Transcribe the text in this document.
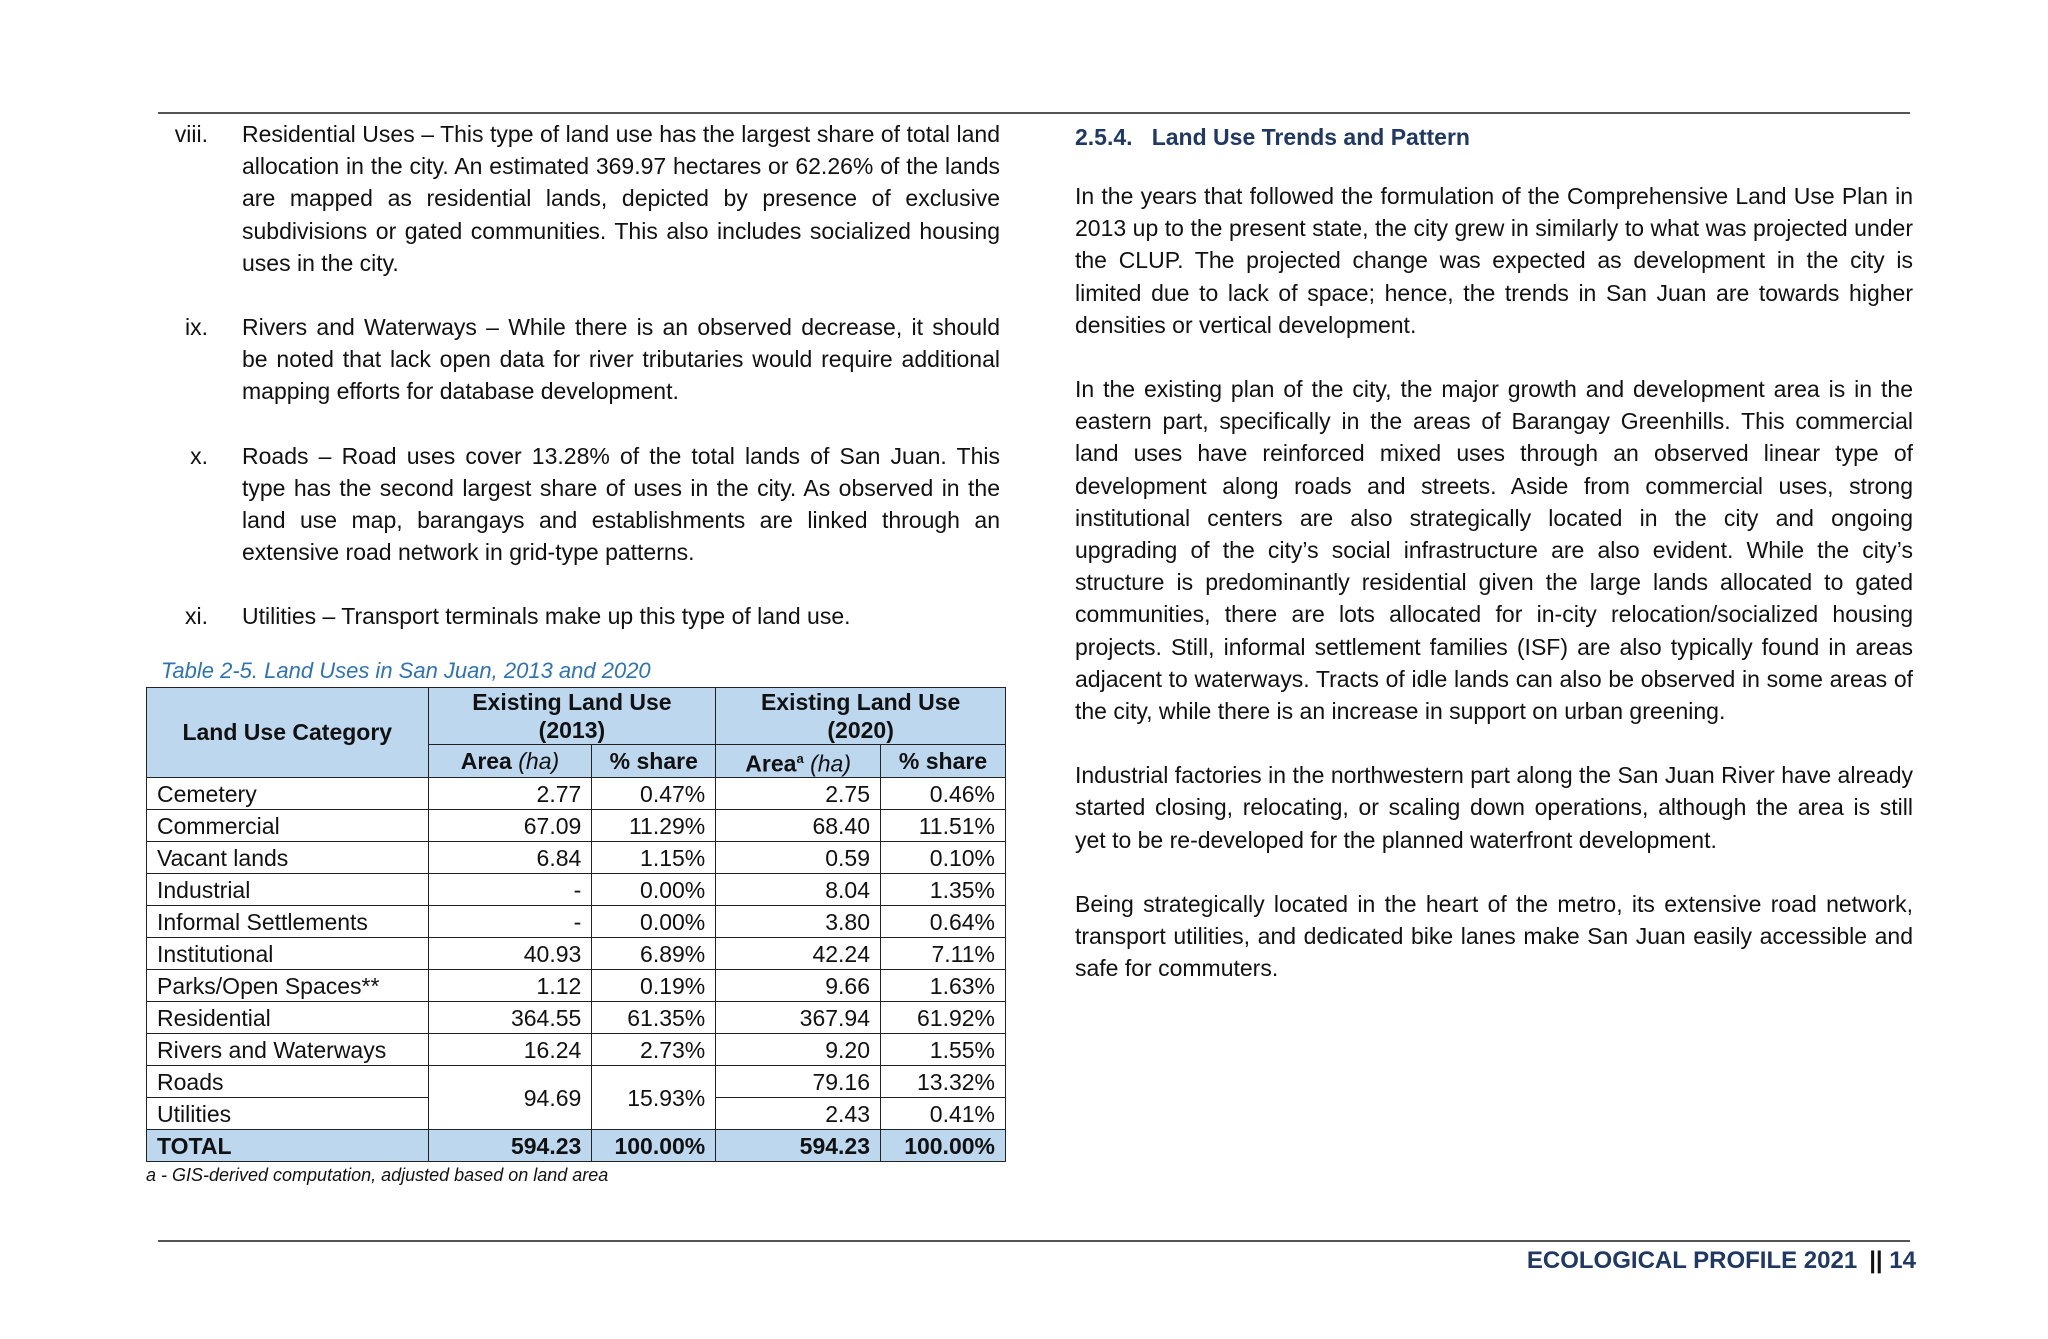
viii.	Residential Uses – This type of land use has the largest share of total land allocation in the city. An estimated 369.97 hectares or 62.26% of the lands are mapped as residential lands, depicted by presence of exclusive subdivisions or gated communities. This also includes socialized housing uses in the city.
ix.	Rivers and Waterways – While there is an observed decrease, it should be noted that lack open data for river tributaries would require additional mapping efforts for database development.
x.	Roads – Road uses cover 13.28% of the total lands of San Juan. This type has the second largest share of uses in the city. As observed in the land use map, barangays and establishments are linked through an extensive road network in grid-type patterns.
xi.	Utilities – Transport terminals make up this type of land use.
Table 2-5. Land Uses in San Juan, 2013 and 2020
Land Use Category	Existing Land Use (2013)		Existing Land Use (2020)	
	Area (ha)	% share	Area$^a$ (ha)	% share
Cemetery	2.77	0.47%	2.75	0.46%
Commercial	67.09	11.29%	68.40	11.51%
Vacant lands	6.84	1.15%	0.59	0.10%
Industrial	-	0.00%	8.04	1.35%
Informal Settlements	-	0.00%	3.80	0.64%
Institutional	40.93	6.89%	42.24	7.11%
Parks/Open Spaces**	1.12	0.19%	9.66	1.63%
Residential	364.55	61.35%	367.94	61.92%
Rivers and Waterways	16.24	2.73%	9.20	1.55%
Roads	94.69	15.93%	79.16	13.32%
Utilities			2.43	0.41%
TOTAL	594.23	100.00%	594.23	100.00%
a - GIS-derived computation, adjusted based on land area
2.5.4.   Land Use Trends and Pattern

In the years that followed the formulation of the Comprehensive Land Use Plan in 2013 up to the present state, the city grew in similarly to what was projected under the CLUP. The projected change was expected as development in the city is limited due to lack of space; hence, the trends in San Juan are towards higher densities or vertical development.

In the existing plan of the city, the major growth and development area is in the eastern part, specifically in the areas of Barangay Greenhills. This commercial land uses have reinforced mixed uses through an observed linear type of development along roads and streets. Aside from commercial uses, strong institutional centers are also strategically located in the city and ongoing upgrading of the city’s social infrastructure are also evident. While the city’s structure is predominantly residential given the large lands allocated to gated communities, there are lots allocated for in-city relocation/socialized housing projects. Still, informal settlement families (ISF) are also typically found in areas adjacent to waterways. Tracts of idle lands can also be observed in some areas of the city, while there is an increase in support on urban greening.

Industrial factories in the northwestern part along the San Juan River have already started closing, relocating, or scaling down operations, although the area is still yet to be re-developed for the planned waterfront development.

Being strategically located in the heart of the metro, its extensive road network, transport utilities, and dedicated bike lanes make San Juan easily accessible and safe for commuters.

ECOLOGICAL PROFILE 2021 || 14
